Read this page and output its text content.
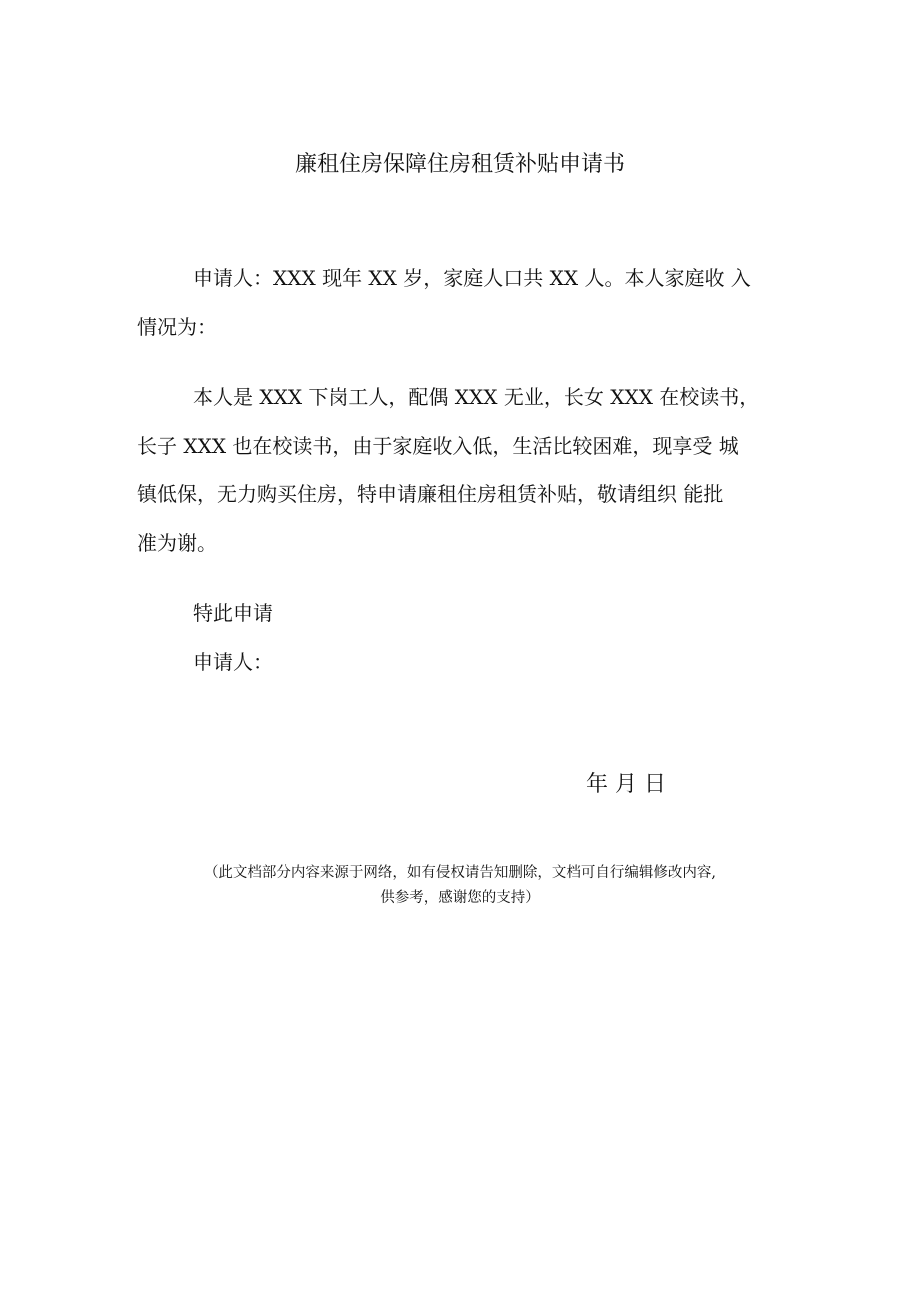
廉租住房保障住房租赁补贴申请书
申请人：XXX 现年 XX 岁，家庭人口共 XX 人。本人家庭收 入
情况为：
本人是 XXX 下岗工人，配偶 XXX 无业，长女 XXX 在校读书，
长子 XXX 也在校读书，由于家庭收入低，生活比较困难，现享受 城
镇低保，无力购买住房，特申请廉租住房租赁补贴，敬请组织 能批
准为谢。
特此申请
申请人：
年 月 日
（此文档部分内容来源于网络，如有侵权请告知删除，文档可自行编辑修改内容,
供参考，感谢您的支持）
